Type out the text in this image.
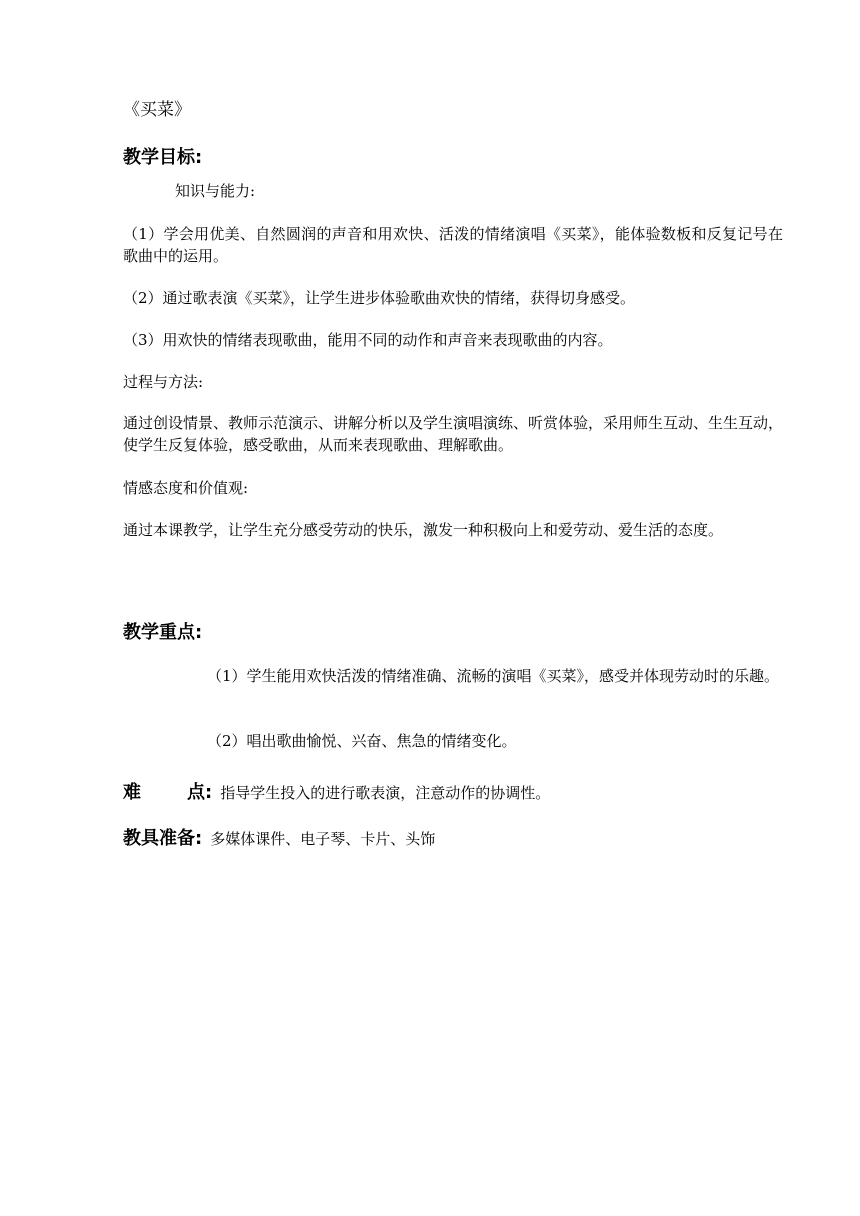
《买菜》
教学目标:
知识与能力:
（1）学会用优美、自然圆润的声音和用欢快、活泼的情绪演唱《买菜》，能体验数板和反复记号在歌曲中的运用。
（2）通过歌表演《买菜》，让学生进步体验歌曲欢快的情绪，获得切身感受。
（3）用欢快的情绪表现歌曲，能用不同的动作和声音来表现歌曲的内容。
过程与方法:
通过创设情景、教师示范演示、讲解分析以及学生演唱演练、听赏体验，采用师生互动、生生互动，使学生反复体验，感受歌曲，从而来表现歌曲、理解歌曲。
情感态度和价值观:
通过本课教学，让学生充分感受劳动的快乐，激发一种积极向上和爱劳动、爱生活的态度。
教学重点:
（1）学生能用欢快活泼的情绪准确、流畅的演唱《买菜》，感受并体现劳动时的乐趣。
（2）唱出歌曲愉悦、兴奋、焦急的情绪变化。
难	点: 指导学生投入的进行歌表演，注意动作的协调性。
教具准备: 多媒体课件、电子琴、卡片、头饰
